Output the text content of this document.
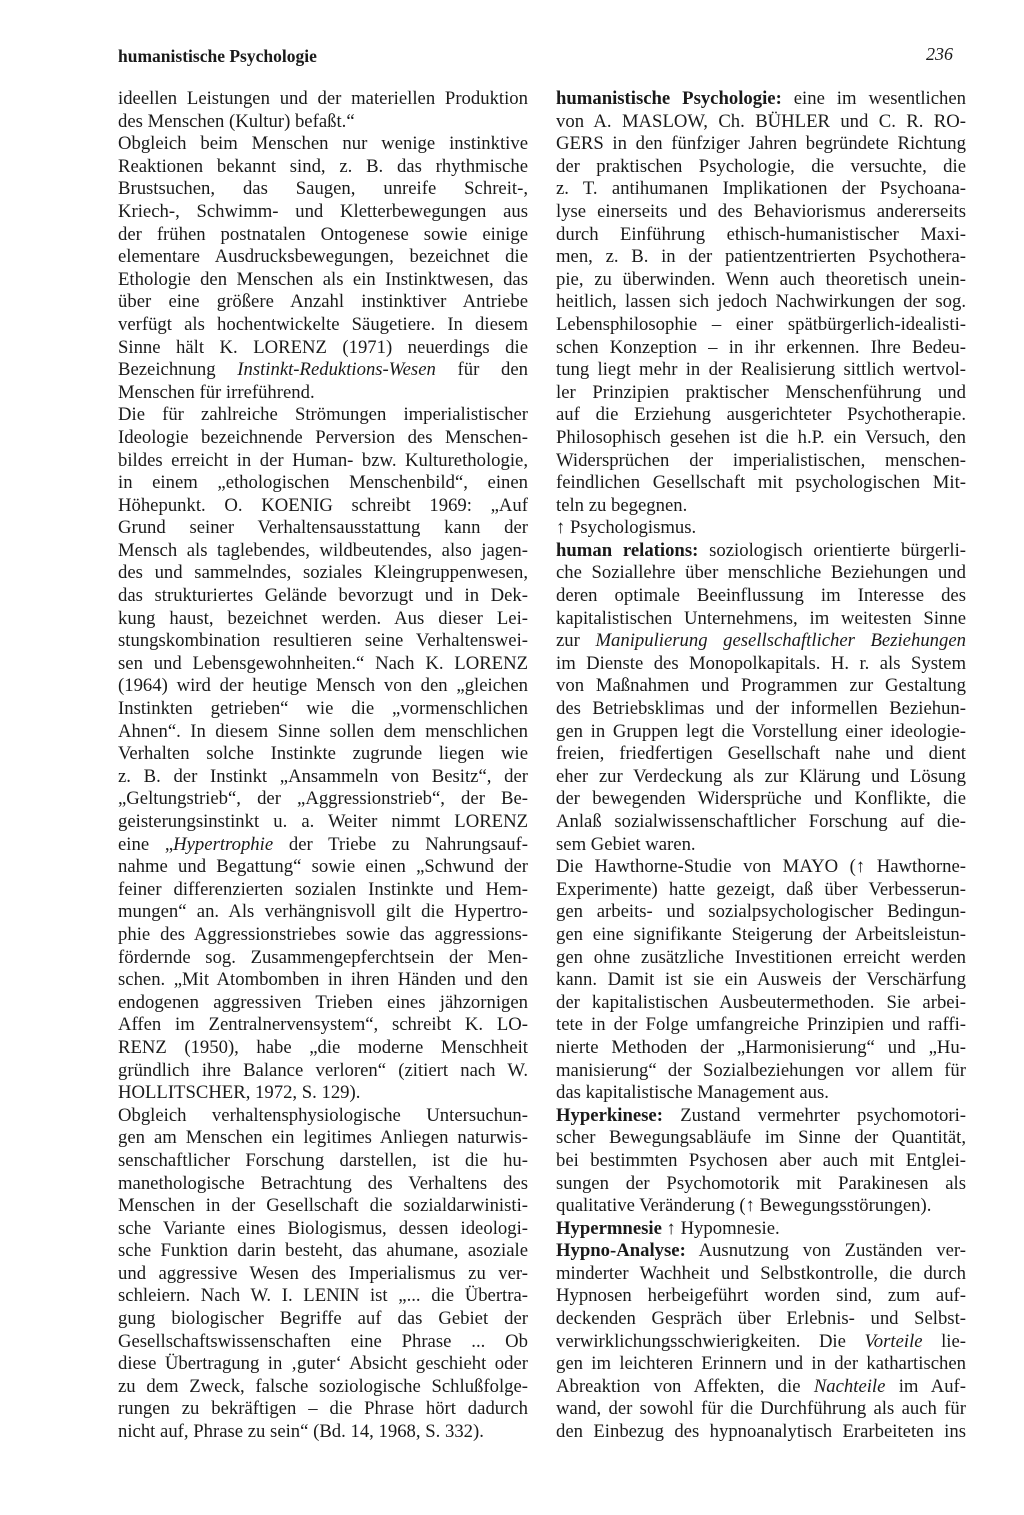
humanistische Psychologie	236
ideellen Leistungen und der materiellen Produktion
des Menschen (Kultur) befaßt.“
Obgleich beim Menschen nur wenige instinktive
Reaktionen bekannt sind, z. B. das rhythmische
Brustsuchen, das Saugen, unreife Schreit-,
Kriech-, Schwimm- und Kletterbewegungen aus
der frühen postnatalen Ontogenese sowie einige
elementare Ausdrucksbewegungen, bezeichnet die
Ethologie den Menschen als ein Instinktwesen, das
über eine größere Anzahl instinktiver Antriebe
verfügt als hochentwickelte Säugetiere. In diesem
Sinne hält K. LORENZ (1971) neuerdings die
Bezeichnung Instinkt-Reduktions-Wesen für den
Menschen für irreführend.
Die für zahlreiche Strömungen imperialistischer
Ideologie bezeichnende Perversion des Menschen-
bildes erreicht in der Human- bzw. Kulturethologie,
in einem „ethologischen Menschenbild“, einen
Höhepunkt. O. KOENIG schreibt 1969: „Auf
Grund seiner Verhaltensausstattung kann der
Mensch als taglebendes, wildbeutendes, also jagen-
des und sammelndes, soziales Kleingruppenwesen,
das strukturiertes Gelände bevorzugt und in Dek-
kung haust, bezeichnet werden. Aus dieser Lei-
stungskombination resultieren seine Verhaltenswei-
sen und Lebensgewohnheiten.“ Nach K. LORENZ
(1964) wird der heutige Mensch von den „gleichen
Instinkten getrieben“ wie die „vormenschlichen
Ahnen“. In diesem Sinne sollen dem menschlichen
Verhalten solche Instinkte zugrunde liegen wie
z. B. der Instinkt „Ansammeln von Besitz“, der
„Geltungstrieb“, der „Aggressionstrieb“, der Be-
geisterungsinstinkt u. a. Weiter nimmt LORENZ
eine „Hypertrophie der Triebe zu Nahrungsauf-
nahme und Begattung“ sowie einen „Schwund der
feiner differenzierten sozialen Instinkte und Hem-
mungen“ an. Als verhängnisvoll gilt die Hypertro-
phie des Aggressionstriebes sowie das aggressions-
fördernde sog. Zusammengepferchtsein der Men-
schen. „Mit Atombomben in ihren Händen und den
endogenen aggressiven Trieben eines jähzornigen
Affen im Zentralnervensystem“, schreibt K. LO-
RENZ (1950), habe „die moderne Menschheit
gründlich ihre Balance verloren“ (zitiert nach W.
HOLLITSCHER, 1972, S. 129).
Obgleich verhaltensphysiologische Untersuchun-
gen am Menschen ein legitimes Anliegen naturwis-
senschaftlicher Forschung darstellen, ist die hu-
manethologische Betrachtung des Verhaltens des
Menschen in der Gesellschaft die sozialdarwinisti-
sche Variante eines Biologismus, dessen ideologi-
sche Funktion darin besteht, das ahumane, asoziale
und aggressive Wesen des Imperialismus zu ver-
schleiern. Nach W. I. LENIN ist „... die Übertra-
gung biologischer Begriffe auf das Gebiet der
Gesellschaftswissenschaften eine Phrase ... Ob
diese Übertragung in ‚guter‘ Absicht geschieht oder
zu dem Zweck, falsche soziologische Schlußfolge-
rungen zu bekräftigen – die Phrase hört dadurch
nicht auf, Phrase zu sein“ (Bd. 14, 1968, S. 332).
humanistische Psychologie: eine im wesentlichen
von A. MASLOW, Ch. BÜHLER und C. R. RO-
GERS in den fünfziger Jahren begründete Richtung
der praktischen Psychologie, die versuchte, die
z. T. antihumanen Implikationen der Psychoana-
lyse einerseits und des Behaviorismus andererseits
durch Einführung ethisch-humanistischer Maxi-
men, z. B. in der patientzentrierten Psychothera-
pie, zu überwinden. Wenn auch theoretisch unein-
heitlich, lassen sich jedoch Nachwirkungen der sog.
Lebensphilosophie – einer spätbürgerlich-idealisti-
schen Konzeption – in ihr erkennen. Ihre Bedeu-
tung liegt mehr in der Realisierung sittlich wertvol-
ler Prinzipien praktischer Menschenführung und
auf die Erziehung ausgerichteter Psychotherapie.
Philosophisch gesehen ist die h.P. ein Versuch, den
Widersprüchen der imperialistischen, menschen-
feindlichen Gesellschaft mit psychologischen Mit-
teln zu begegnen.
↑ Psychologismus.
human relations: soziologisch orientierte bürgerli-
che Soziallehre über menschliche Beziehungen und
deren optimale Beeinflussung im Interesse des
kapitalistischen Unternehmens, im weitesten Sinne
zur Manipulierung gesellschaftlicher Beziehungen
im Dienste des Monopolkapitals. H. r. als System
von Maßnahmen und Programmen zur Gestaltung
des Betriebsklimas und der informellen Beziehun-
gen in Gruppen legt die Vorstellung einer ideologie-
freien, friedfertigen Gesellschaft nahe und dient
eher zur Verdeckung als zur Klärung und Lösung
der bewegenden Widersprüche und Konflikte, die
Anlaß sozialwissenschaftlicher Forschung auf die-
sem Gebiet waren.
Die Hawthorne-Studie von MAYO (↑ Hawthorne-
Experimente) hatte gezeigt, daß über Verbesserun-
gen arbeits- und sozialpsychologischer Bedingun-
gen eine signifikante Steigerung der Arbeitsleistun-
gen ohne zusätzliche Investitionen erreicht werden
kann. Damit ist sie ein Ausweis der Verschärfung
der kapitalistischen Ausbeutermethoden. Sie arbei-
tete in der Folge umfangreiche Prinzipien und raffi-
nierte Methoden der „Harmonisierung“ und „Hu-
manisierung“ der Sozialbeziehungen vor allem für
das kapitalistische Management aus.
Hyperkinese: Zustand vermehrter psychomotori-
scher Bewegungsabläufe im Sinne der Quantität,
bei bestimmten Psychosen aber auch mit Entglei-
sungen der Psychomotorik mit Parakinesen als
qualitative Veränderung (↑ Bewegungsstörungen).
Hypermnesie ↑ Hypomnesie.
Hypno-Analyse: Ausnutzung von Zuständen ver-
minderter Wachheit und Selbstkontrolle, die durch
Hypnosen herbeigeführt worden sind, zum auf-
deckenden Gespräch über Erlebnis- und Selbst-
verwirklichungsschwierigkeiten. Die Vorteile lie-
gen im leichteren Erinnern und in der kathartischen
Abreaktion von Affekten, die Nachteile im Auf-
wand, der sowohl für die Durchführung als auch für
den Einbezug des hypnoanalytisch Erarbeiteten ins
